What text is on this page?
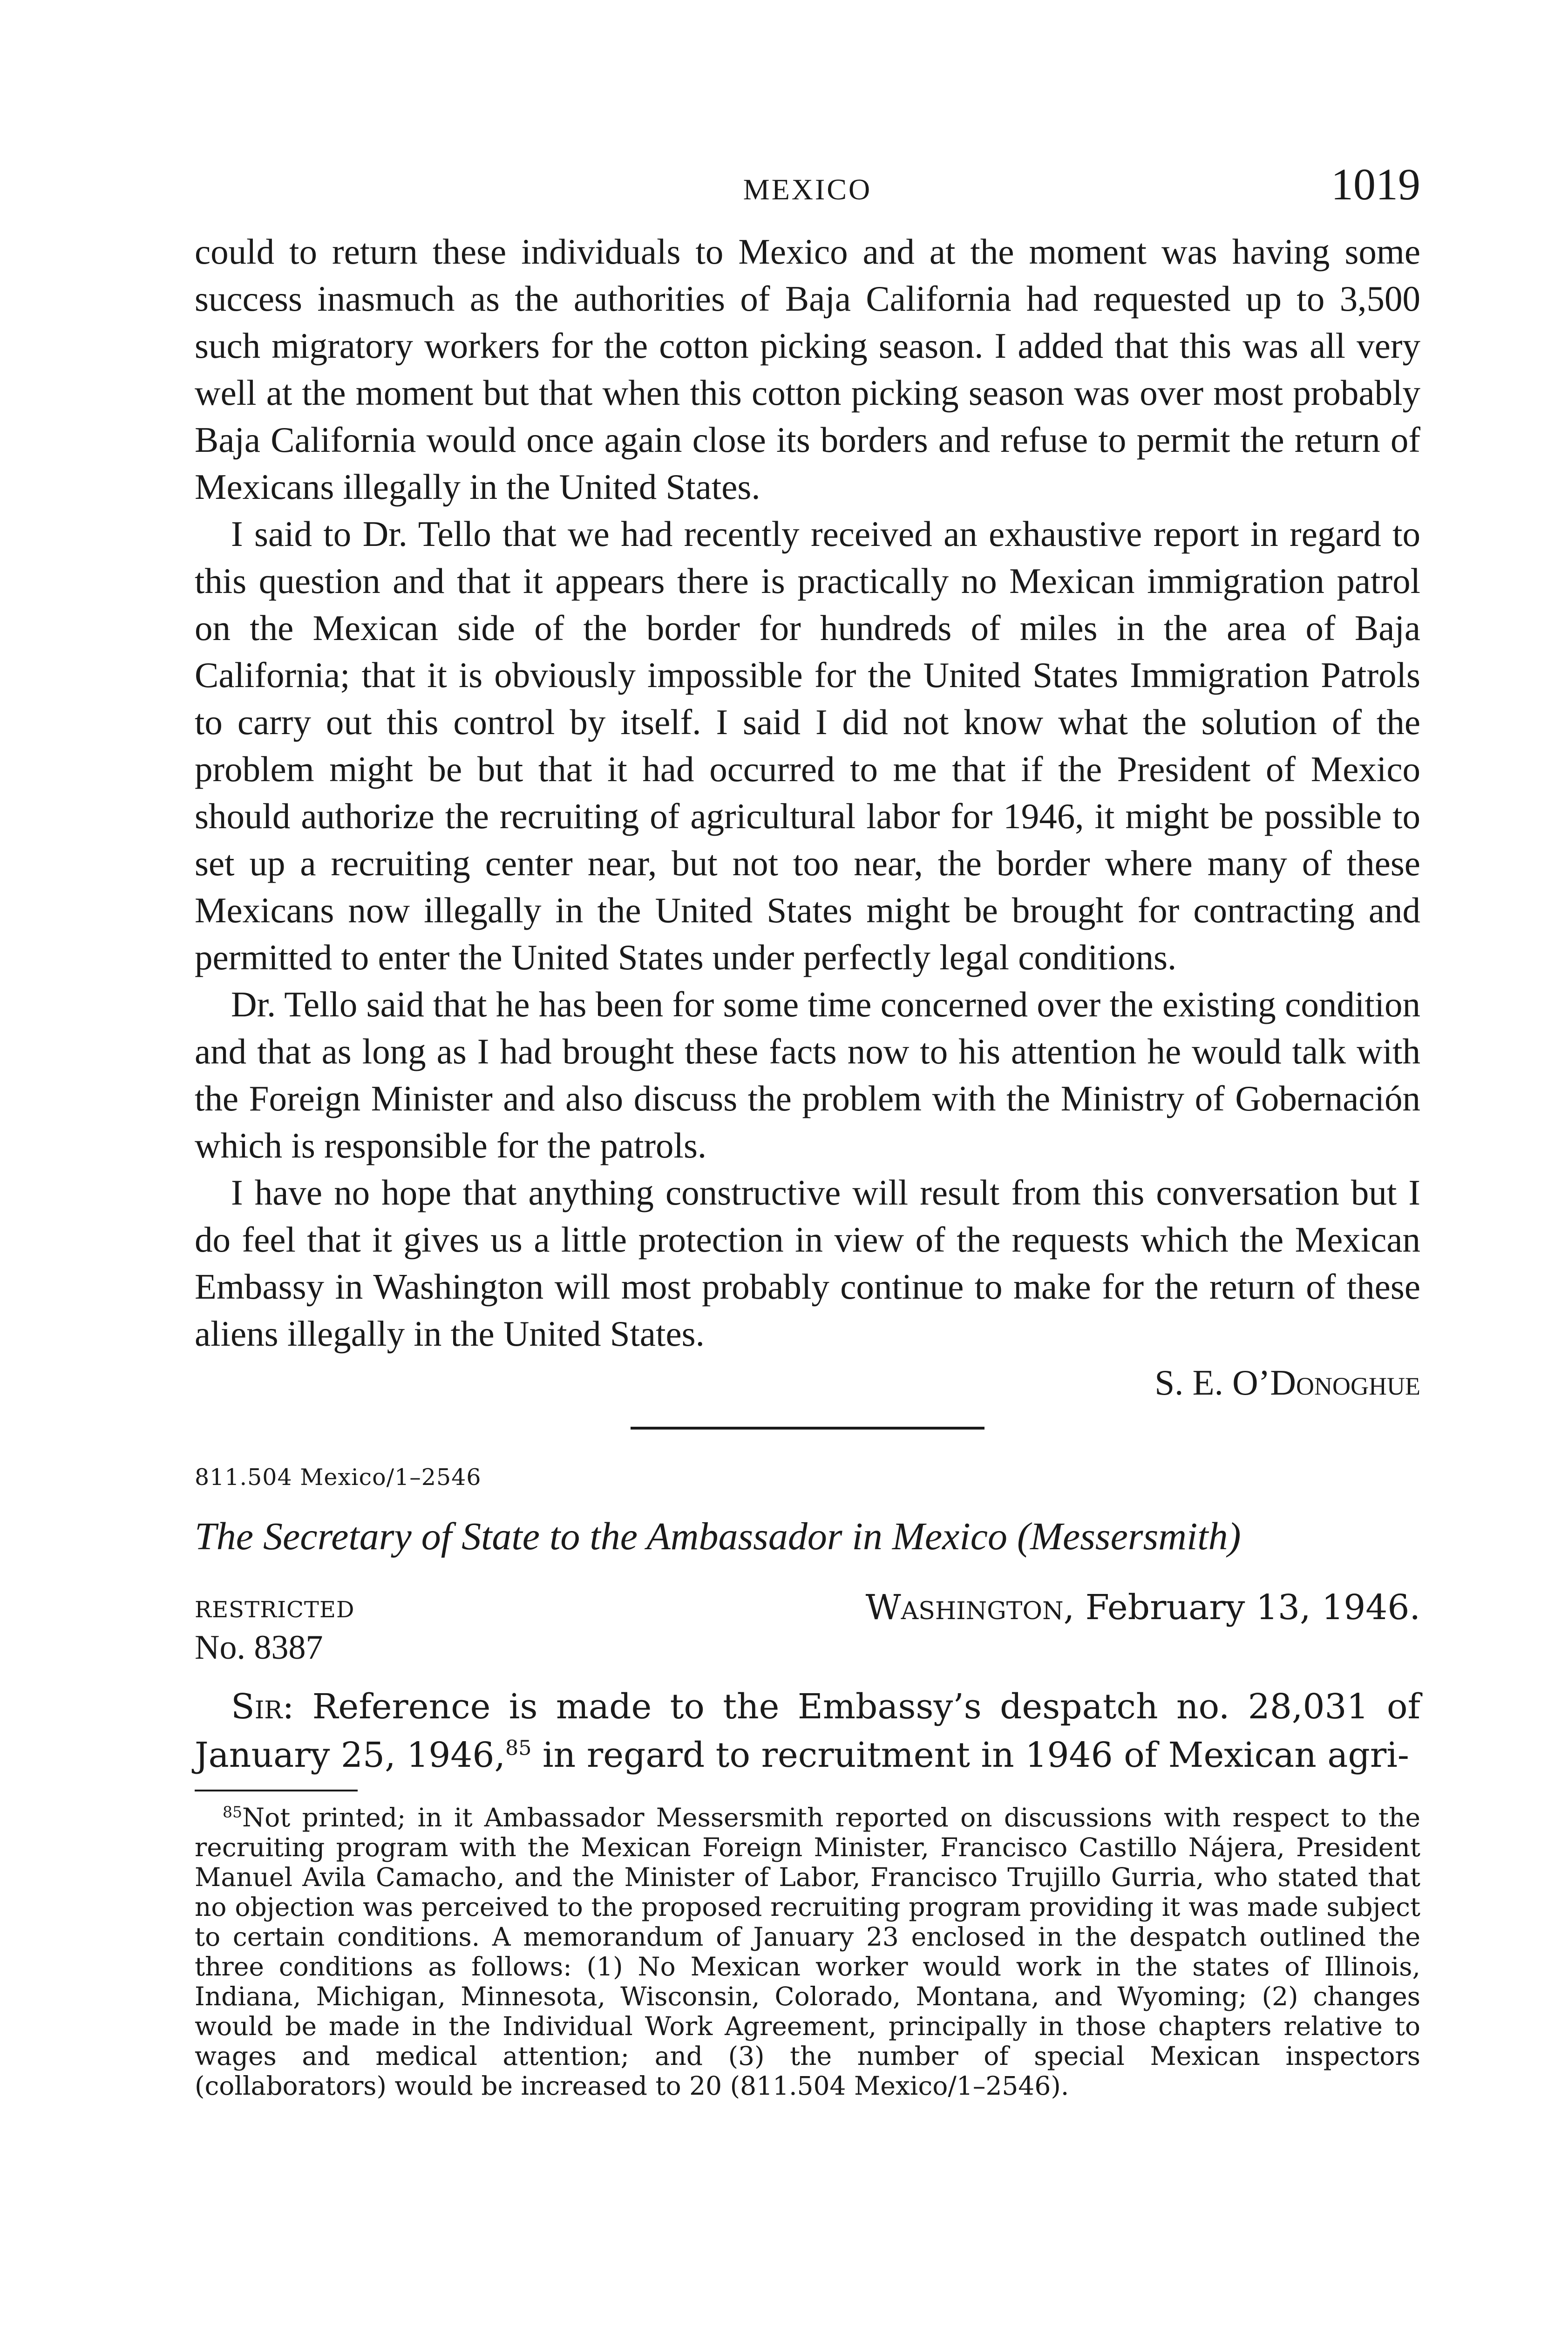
MEXICO	1019

could to return these individuals to Mexico and at the moment was having some success inasmuch as the authorities of Baja California had requested up to 3,500 such migratory workers for the cotton picking season. I added that this was all very well at the moment but that when this cotton picking season was over most probably Baja California would once again close its borders and refuse to permit the return of Mexicans illegally in the United States.

I said to Dr. Tello that we had recently received an exhaustive report in regard to this question and that it appears there is practically no Mexican immigration patrol on the Mexican side of the border for hundreds of miles in the area of Baja California; that it is obviously impossible for the United States Immigration Patrols to carry out this control by itself. I said I did not know what the solution of the problem might be but that it had occurred to me that if the President of Mexico should authorize the recruiting of agricultural labor for 1946, it might be possible to set up a recruiting center near, but not too near, the border where many of these Mexicans now illegally in the United States might be brought for contracting and permitted to enter the United States under perfectly legal conditions.

Dr. Tello said that he has been for some time concerned over the existing condition and that as long as I had brought these facts now to his attention he would talk with the Foreign Minister and also discuss the problem with the Ministry of Gobernación which is responsible for the patrols.

I have no hope that anything constructive will result from this conversation but I do feel that it gives us a little protection in view of the requests which the Mexican Embassy in Washington will most probably continue to make for the return of these aliens illegally in the United States.

S. E. O’Donoghue
811.504 Mexico/1–2546
The Secretary of State to the Ambassador in Mexico (Messersmith)
RESTRICTED	Washington, February 13, 1946.
No. 8387

Sir: Reference is made to the Embassy’s despatch no. 28,031 of January 25, 1946,85 in regard to recruitment in 1946 of Mexican agri-

$^{85}$Not printed; in it Ambassador Messersmith reported on discussions with respect to the recruiting program with the Mexican Foreign Minister, Francisco Castillo Nájera, President Manuel Avila Camacho, and the Minister of Labor, Francisco Trujillo Gurria, who stated that no objection was perceived to the proposed recruiting program providing it was made subject to certain conditions. A memorandum of January 23 enclosed in the despatch outlined the three conditions as follows: (1) No Mexican worker would work in the states of Illinois, Indiana, Michigan, Minnesota, Wisconsin, Colorado, Montana, and Wyoming; (2) changes would be made in the Individual Work Agreement, principally in those chapters relative to wages and medical attention; and (3) the number of special Mexican inspectors (collaborators) would be increased to 20 (811.504 Mexico/1–2546).
